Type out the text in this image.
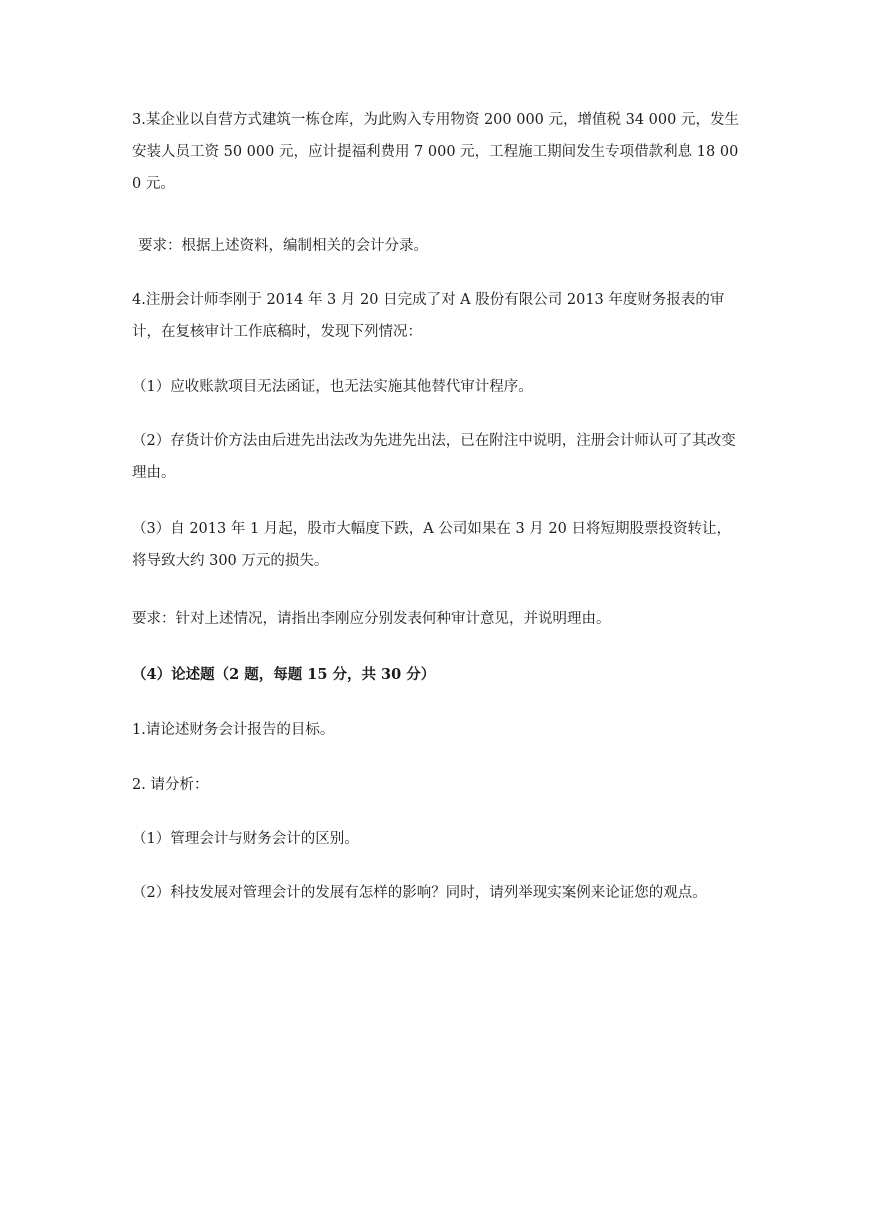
3.某企业以自营方式建筑一栋仓库，为此购入专用物资 200 000 元，增值税 34 000 元，发生安装人员工资 50 000 元，应计提福利费用 7 000 元，工程施工期间发生专项借款利息 18 000 元。

要求：根据上述资料，编制相关的会计分录。

4.注册会计师李刚于 2014 年 3 月 20 日完成了对 A 股份有限公司 2013 年度财务报表的审计，在复核审计工作底稿时，发现下列情况：

（1）应收账款项目无法函证，也无法实施其他替代审计程序。

（2）存货计价方法由后进先出法改为先进先出法，已在附注中说明，注册会计师认可了其改变理由。

（3）自 2013 年 1 月起，股市大幅度下跌，A 公司如果在 3 月 20 日将短期股票投资转让，将导致大约 300 万元的损失。

要求：针对上述情况，请指出李刚应分别发表何种审计意见，并说明理由。

（4）论述题（2 题，每题 15 分，共 30 分）

1.请论述财务会计报告的目标。

2. 请分析：

（1）管理会计与财务会计的区别。

（2）科技发展对管理会计的发展有怎样的影响？同时，请列举现实案例来论证您的观点。
